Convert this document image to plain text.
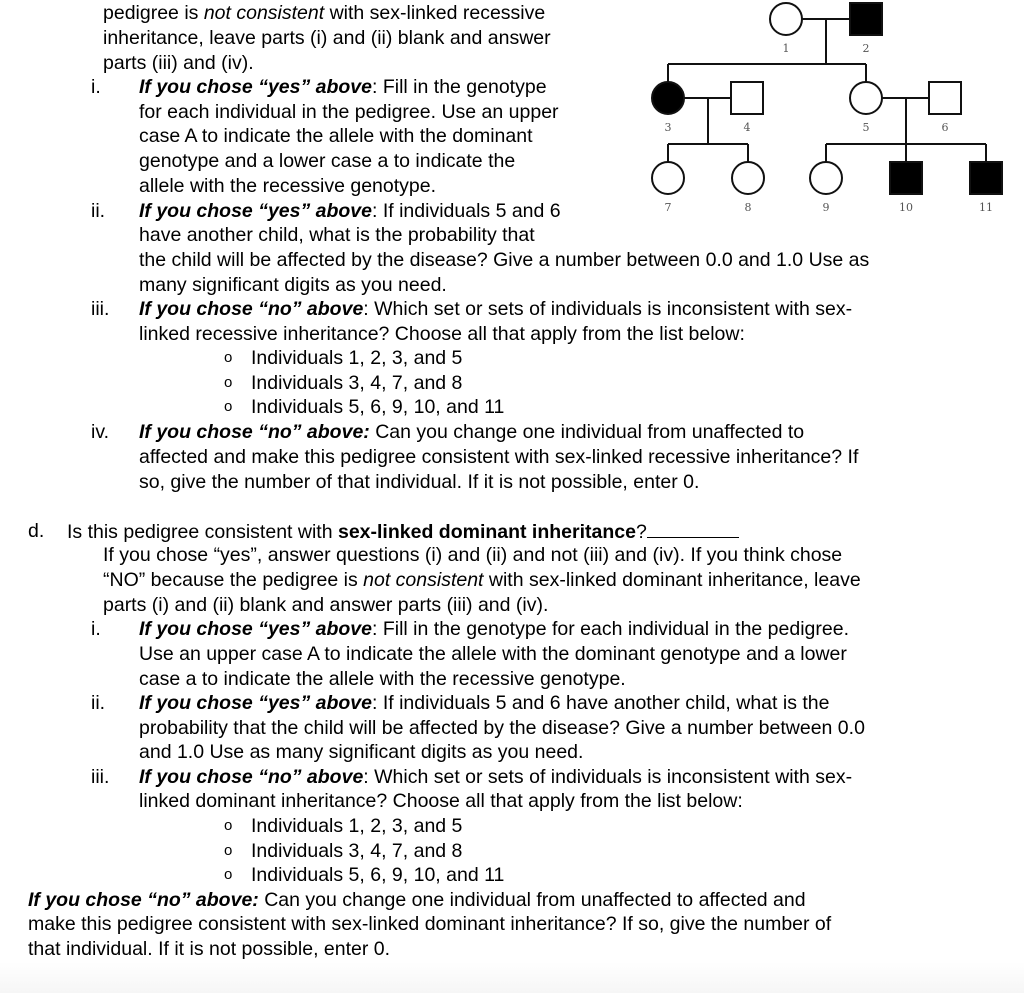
pedigree is not consistent with sex-linked recessive
inheritance, leave parts (i) and (ii) blank and answer
parts (iii) and (iv).
i. If you chose “yes” above: Fill in the genotype
for each individual in the pedigree. Use an upper
case A to indicate the allele with the dominant
genotype and a lower case a to indicate the
allele with the recessive genotype.
ii. If you chose “yes” above: If individuals 5 and 6
have another child, what is the probability that
the child will be affected by the disease? Give a number between 0.0 and 1.0 Use as
many significant digits as you need.
iii. If you chose “no” above: Which set or sets of individuals is inconsistent with sex-
linked recessive inheritance? Choose all that apply from the list below:
o Individuals 1, 2, 3, and 5
o Individuals 3, 4, 7, and 8
o Individuals 5, 6, 9, 10, and 11
iv. If you chose “no” above: Can you change one individual from unaffected to
affected and make this pedigree consistent with sex-linked recessive inheritance? If
so, give the number of that individual. If it is not possible, enter 0.
1	2
3	4	5	6
7	8	9	10	11
d. Is this pedigree consistent with sex-linked dominant inheritance?
If you chose “yes”, answer questions (i) and (ii) and not (iii) and (iv). If you think chose
“NO” because the pedigree is not consistent with sex-linked dominant inheritance, leave
parts (i) and (ii) blank and answer parts (iii) and (iv).
i. If you chose “yes” above: Fill in the genotype for each individual in the pedigree.
Use an upper case A to indicate the allele with the dominant genotype and a lower
case a to indicate the allele with the recessive genotype.
ii. If you chose “yes” above: If individuals 5 and 6 have another child, what is the
probability that the child will be affected by the disease? Give a number between 0.0
and 1.0 Use as many significant digits as you need.
iii. If you chose “no” above: Which set or sets of individuals is inconsistent with sex-
linked dominant inheritance? Choose all that apply from the list below:
o Individuals 1, 2, 3, and 5
o Individuals 3, 4, 7, and 8
o Individuals 5, 6, 9, 10, and 11
If you chose “no” above: Can you change one individual from unaffected to affected and
make this pedigree consistent with sex-linked dominant inheritance? If so, give the number of
that individual. If it is not possible, enter 0.
